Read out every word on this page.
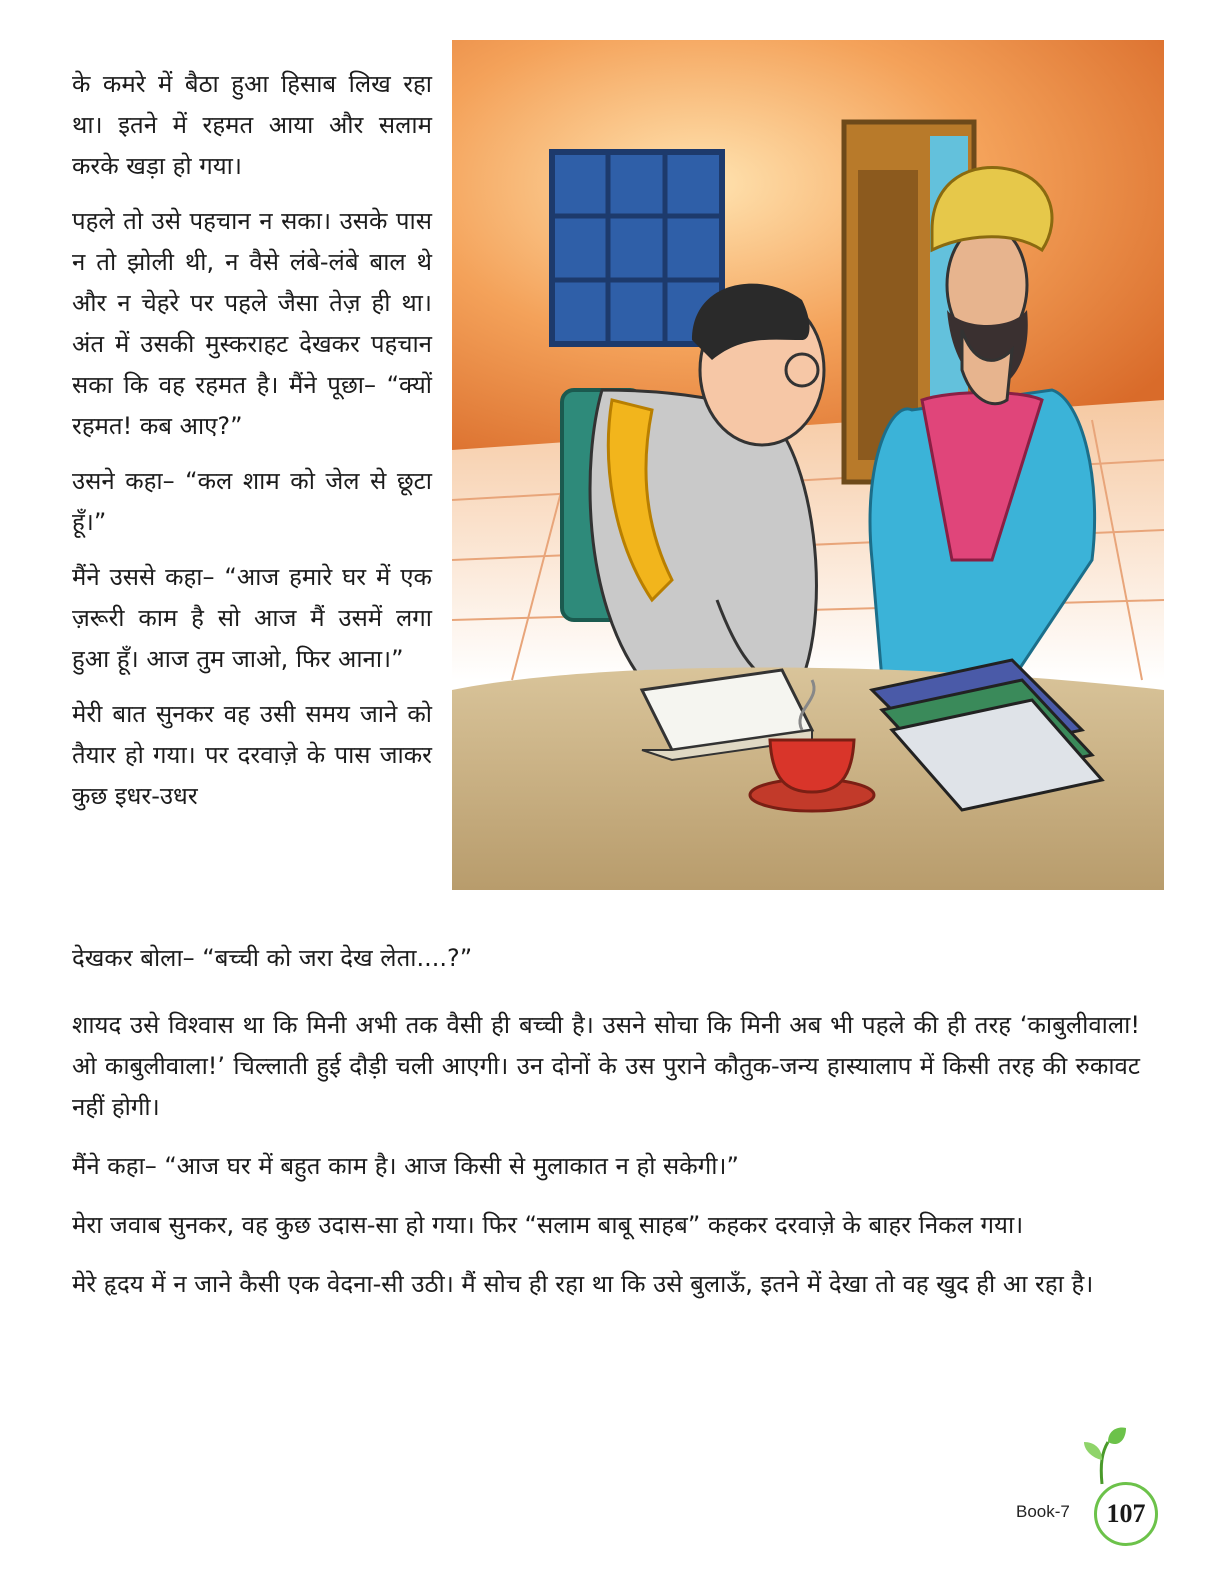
के कमरे में बैठा हुआ हिसाब लिख रहा था। इतने में रहमत आया और सलाम करके खड़ा हो गया।

पहले तो उसे पहचान न सका। उसके पास न तो झोली थी, न वैसे लंबे-लंबे बाल थे और न चेहरे पर पहले जैसा तेज़ ही था। अंत में उसकी मुस्कराहट देखकर पहचान सका कि वह रहमत है। मैंने पूछा– “क्यों रहमत! कब आए?”

उसने कहा– “कल शाम को जेल से छूटा हूँ।”

मैंने उससे कहा– “आज हमारे घर में एक ज़रूरी काम है सो आज मैं उसमें लगा हुआ हूँ। आज तुम जाओ, फिर आना।”

मेरी बात सुनकर वह उसी समय जाने को तैयार हो गया। पर दरवाज़े के पास जाकर कुछ इधर-उधर

देखकर बोला– “बच्ची को जरा देख लेता....?”

शायद उसे विश्वास था कि मिनी अभी तक वैसी ही बच्ची है। उसने सोचा कि मिनी अब भी पहले की ही तरह ‘काबुलीवाला! ओ काबुलीवाला!’ चिल्लाती हुई दौड़ी चली आएगी। उन दोनों के उस पुराने कौतुक-जन्य हास्यालाप में किसी तरह की रुकावट नहीं होगी।

मैंने कहा– “आज घर में बहुत काम है। आज किसी से मुलाकात न हो सकेगी।”

मेरा जवाब सुनकर, वह कुछ उदास-सा हो गया। फिर “सलाम बाबू साहब” कहकर दरवाज़े के बाहर निकल गया।

मेरे हृदय में न जाने कैसी एक वेदना-सी उठी। मैं सोच ही रहा था कि उसे बुलाऊँ, इतने में देखा तो वह खुद ही आ रहा है।

Book-7 107
